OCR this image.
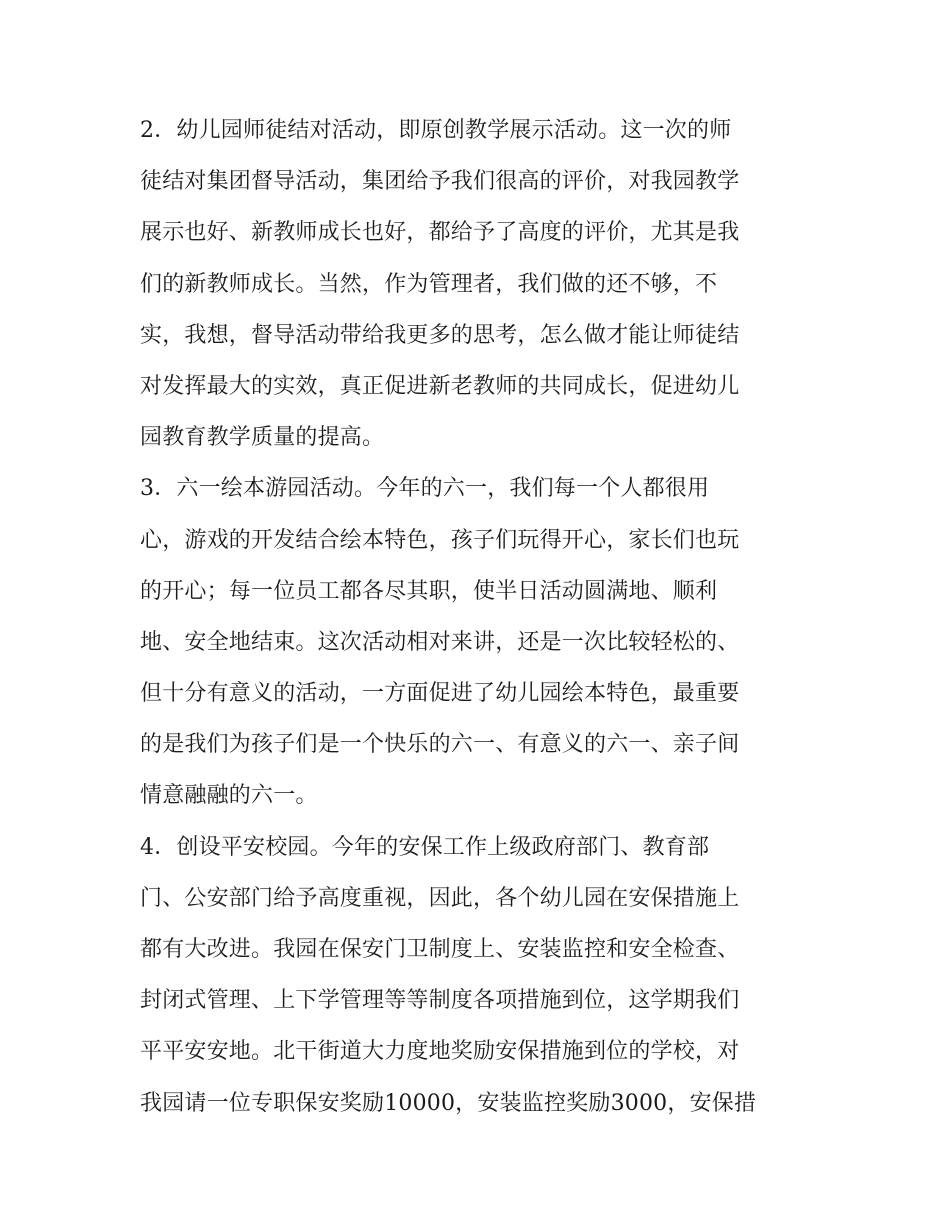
2．幼儿园师徒结对活动，即原创教学展示活动。这一次的师
徒结对集团督导活动，集团给予我们很高的评价，对我园教学
展示也好、新教师成长也好，都给予了高度的评价，尤其是我
们的新教师成长。当然，作为管理者，我们做的还不够，不
实，我想，督导活动带给我更多的思考，怎么做才能让师徒结
对发挥最大的实效，真正促进新老教师的共同成长，促进幼儿
园教育教学质量的提高。
3．六一绘本游园活动。今年的六一，我们每一个人都很用
心，游戏的开发结合绘本特色，孩子们玩得开心，家长们也玩
的开心；每一位员工都各尽其职，使半日活动圆满地、顺利
地、安全地结束。这次活动相对来讲，还是一次比较轻松的、
但十分有意义的活动，一方面促进了幼儿园绘本特色，最重要
的是我们为孩子们是一个快乐的六一、有意义的六一、亲子间
情意融融的六一。
4．创设平安校园。今年的安保工作上级政府部门、教育部
门、公安部门给予高度重视，因此，各个幼儿园在安保措施上
都有大改进。我园在保安门卫制度上、安装监控和安全检查、
封闭式管理、上下学管理等等制度各项措施到位，这学期我们
平平安安地。北干街道大力度地奖励安保措施到位的学校，对
我园请一位专职保安奖励10000，安装监控奖励3000，安保措
